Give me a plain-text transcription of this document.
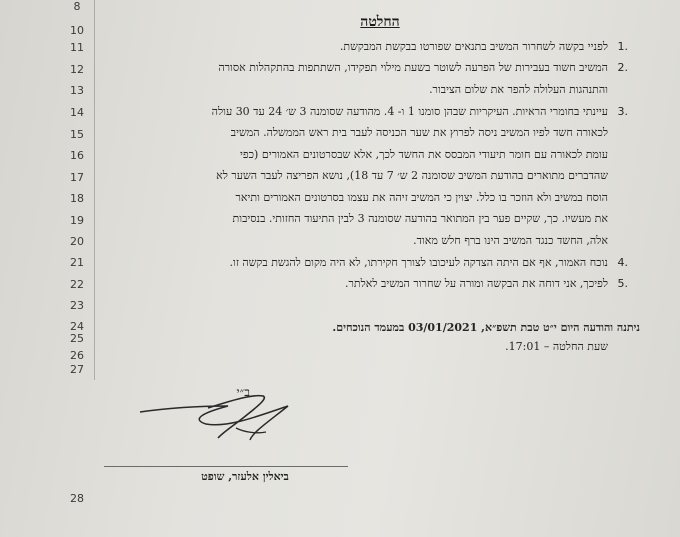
8
10
11
12
13
14
15
16
17
18
19
20
21
22
23
24
25
26
27
28
החלטה
1.
לפניי בקשה לשחרור המשיב בתנאים שפורטו בבקשת המבקשת.
2.
המשיב חשוד בעבירות של הפרעה לשוטר בשעת מילוי תפקידו, השתתפות בהתקהלות אסורה
והתנהגות העלולה להפר את שלום הציבור.
3.
עיינתי בחומרי הראיות. העיקריות שבהן סומנו 1 ו- 4. מהודעה שסומנה 3 ש׳ 24 עד 30 עולה
לכאורה חשד לפיו המשיב ניסה לפרוץ את שער הכניסה לעבר בית ראש הממשלה. המשיב
עומת לכאורה עם חומר תיעודי המבסס את החשד לכך, אלא שבסרטונים האמורים (כפי
שהדברים מתוארים בהודעת המשיב שסומנה 2 ש׳ 7 עד 18), נושא הפריצה לעבר השער לא
הוסח במשיב ולא הוזכר בו כלל. יצוין כי המשיב זיהה את עצמו בסרטונים האמורים ותיאר
את מעשיו. כך, שקיים פער בין המתואר בהודעה שסומנה 3 לבין התיעוד החזותי. בנסיבות
אלה, החשד כנגד המשיב הינו ברף חלש מאוד.
4.
נוכח האמור, אף אם היתה הצדקה לעיכובו לצורך חקירתו, לא היה מקום להגשת בקשה זו.
5.
לפיכך, אני דוחה את הבקשה ומורה על שחרור המשיב לאלתר.
ניתנה והודעה היום י״ט טבת תשפ״א, 03/01/2021 במעמד הנוכחים.
שעת החלטה – 17:01.
ב״י
ביאלין אלעזר, שופט
